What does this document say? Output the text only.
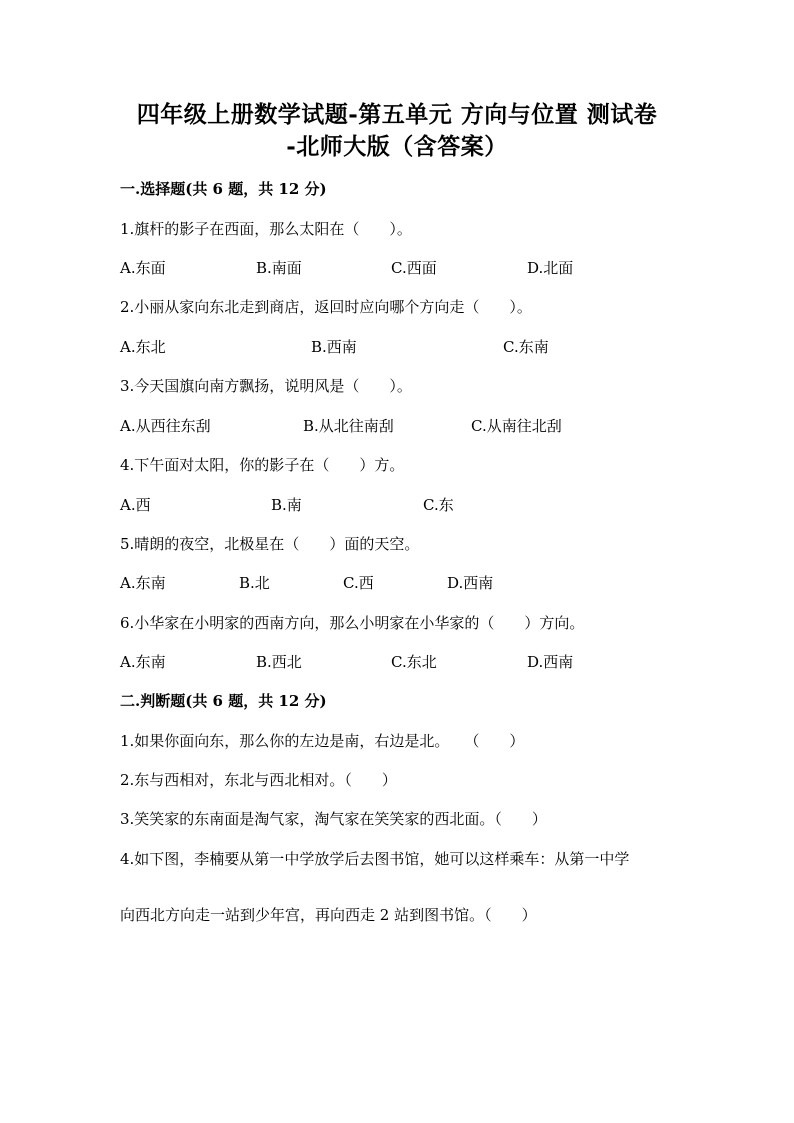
四年级上册数学试题-第五单元 方向与位置 测试卷
-北师大版（含答案）
一.选择题(共 6 题，共 12 分)
1.旗杆的影子在西面，那么太阳在（　　）。
A.东面	B.南面	C.西面	D.北面
2.小丽从家向东北走到商店，返回时应向哪个方向走（　　）。
A.东北	B.西南	C.东南
3.今天国旗向南方飘扬，说明风是（　　）。
A.从西往东刮	B.从北往南刮	C.从南往北刮
4.下午面对太阳，你的影子在（　　）方。
A.西	B.南	C.东
5.晴朗的夜空，北极星在（　　）面的天空。
A.东南	B.北	C.西	D.西南
6.小华家在小明家的西南方向，那么小明家在小华家的（　　）方向。
A.东南	B.西北	C.东北	D.西南
二.判断题(共 6 题，共 12 分)
1.如果你面向东，那么你的左边是南，右边是北。　　（　　）
2.东与西相对，东北与西北相对。（　　）
3.笑笑家的东南面是淘气家，淘气家在笑笑家的西北面。（　　）
4.如下图，李楠要从第一中学放学后去图书馆，她可以这样乘车：从第一中学
向西北方向走一站到少年宫，再向西走 2 站到图书馆。（　　）
